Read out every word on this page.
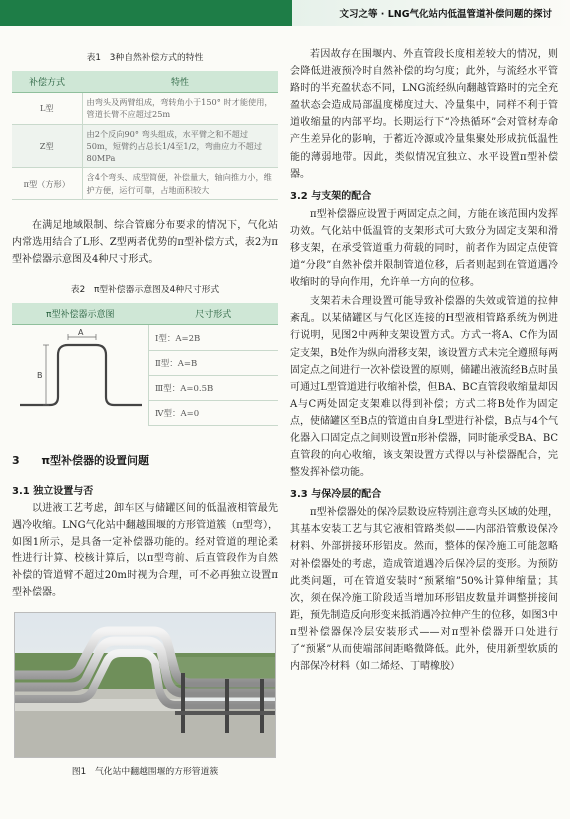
文习之等 · LNG气化站内低温管道补偿问题的探讨
表1　3种自然补偿方式的特性
补偿方式	特性
L型	由弯头及两臂组成，弯转角小于150° 时才能使用，管道长臂不应超过25m
Z型	由2个反向90° 弯头组成，水平臂之和不超过50m，短臂约占总长1/4至1/2，弯曲应力不超过80MPa
π型（方形）	含4个弯头、成型简便，补偿量大，轴向推力小，维护方便，运行可靠，占地面积较大

在满足地域限制、综合管廊分布要求的情况下，气化站内常选用结合了L形、Z型两者优势的π型补偿方式，表2为π型补偿器示意图及4种尺寸形式。

表2　π型补偿器示意图及4种尺寸形式
π型补偿器示意图	尺寸形式

A
B	Ⅰ型：A=2B
	Ⅱ型：A=B
	Ⅲ型：A=0.5B
	Ⅳ型：A=0
3 π型补偿器的设置问题
3.1 独立设置与否

以进液工艺考虑，卸车区与储罐区间的低温液相管最先遇冷收缩。LNG气化站中翻越围堰的方形管道簇（π型弯），如图1所示，是具备一定补偿器功能的。经对管道的理论柔性进行计算、校核计算后，以π型弯前、后直管段作为自然补偿的管道臂不超过20m时视为合理，可不必再独立设置π型补偿器。

图1　气化站中翻越围堰的方形管道簇

若因故存在围堰内、外直管段长度相差较大的情况，则会降低进液预冷时自然补偿的均匀度；此外，与流经水平管路时的半充盈状态不同，LNG流经纵向翻越管路时的完全充盈状态会造成局部温度梯度过大、冷量集中，同样不利于管道收缩量的内部平均。长期运行下“冷热循环”会对管材寿命产生差异化的影响，于蓄近冷源或冷量集聚处形成抗低温性能的薄弱地带。因此，类似情况宜独立、水平设置π型补偿器。

3.2 与支架的配合

π型补偿器应设置于两固定点之间，方能在该范围内发挥功效。气化站中低温管的支架形式可大致分为固定支架和滑移支架，在承受管道重力荷载的同时，前者作为固定点使管道“分段”自然补偿并限制管道位移，后者则起到在管道遇冷收缩时的导向作用，允许单一方向的位移。

支架若未合理设置可能导致补偿器的失效或管道的拉伸紊乱。以某储罐区与气化区连接的H型液相管路系统为例进行说明，见图2中两种支架设置方式。方式一将A、C作为固定支架，B处作为纵向滑移支架，该设置方式未完全遵照每两固定点之间进行一次补偿设置的原则，储罐出液流经B点时虽可通过L型管道进行收缩补偿，但BA、BC直管段收缩量却因A与C两处固定支架难以得到补偿；方式二将B处作为固定点，使储罐区至B点的管道由自身L型进行补偿，B点与4个气化器入口固定点之间则设置π形补偿器，同时能承受BA、BC直管段的向心收缩，该支架设置方式得以与补偿器配合，完整发挥补偿功能。

3.3 与保冷层的配合

π型补偿器处的保冷层数设应特别注意弯头区域的处理，其基本安装工艺与其它液相管路类似——内部沿管敷设保冷材料、外部拼接环形铝皮。然而，整体的保冷施工可能忽略对补偿器处的考虑，造成管道遇冷后保冷层的变形。为预防此类问题，可在管道安装时“预紧缩”50%计算伸缩量；其次，须在保冷施工阶段适当增加环形铝皮数量并调整拼接间距，预先制造反向形变来抵消遇冷拉伸产生的位移，如图3中π型补偿器保冷层安装形式——对π型补偿器开口处进行了“预紧”从而使端部间距略微降低。此外，使用新型软质的内部保冷材料（如二烯烃、丁晴橡胶）
